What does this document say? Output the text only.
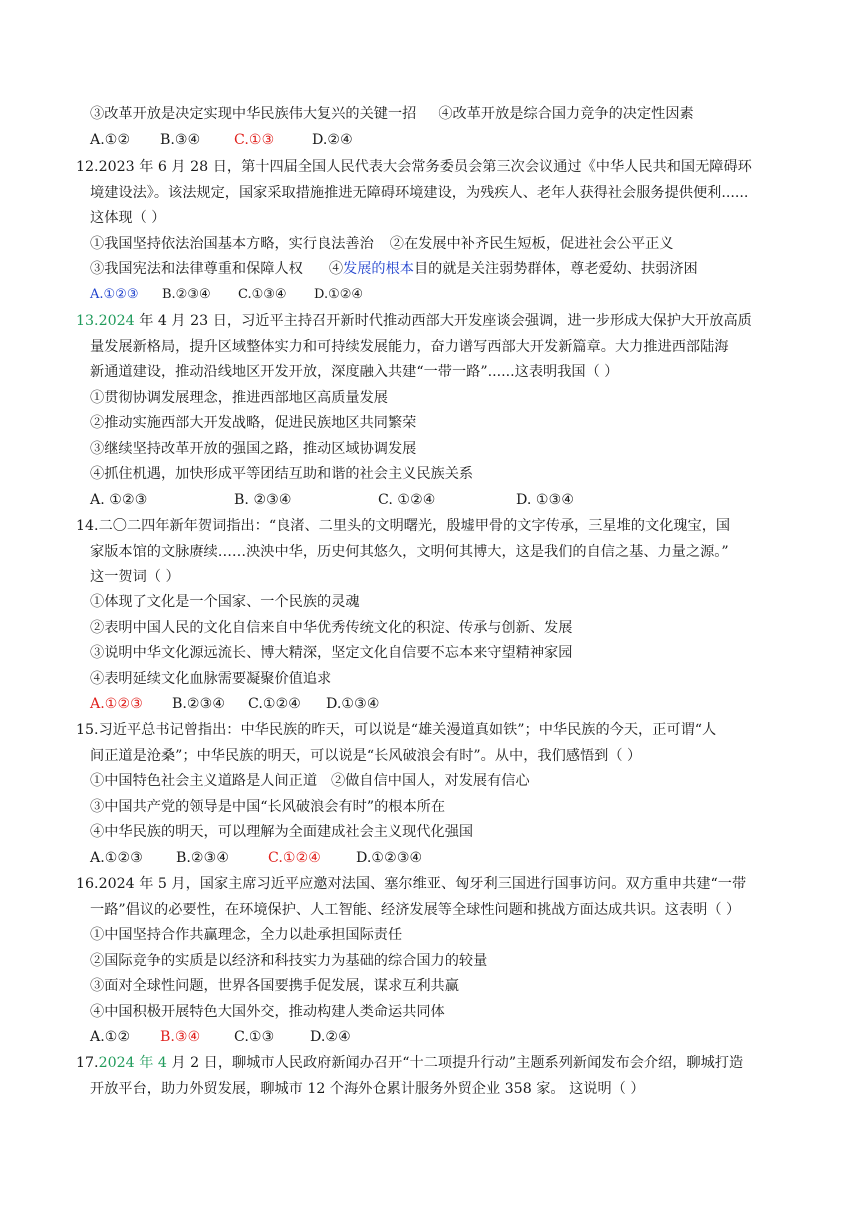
③改革开放是决定实现中华民族伟大复兴的关键一招 ④改革开放是综合国力竞争的决定性因素
A.①② B.③④ C.①③	D.②④
12.2023 年 6 月 28 日，第十四届全国人民代表大会常务委员会第三次会议通过《中华人民共和国无障碍环
境建设法》。该法规定，国家采取措施推进无障碍环境建设，为残疾人、老年人获得社会服务提供便利......
这体现（ ）
①我国坚持依法治国基本方略，实行良法善治 ②在发展中补齐民生短板，促进社会公平正义
③我国宪法和法律尊重和保障人权 ④发展的根本目的就是关注弱势群体，尊老爱幼、扶弱济困
A.①②③ B.②③④ C.①③④ D.①②④
13.2024 年 4 月 23 日，习近平主持召开新时代推动西部大开发座谈会强调，进一步形成大保护大开放高质
量发展新格局，提升区域整体实力和可持续发展能力，奋力谱写西部大开发新篇章。大力推进西部陆海
新通道建设，推动沿线地区开发开放，深度融入共建“一带一路”......这表明我国（ ）
①贯彻协调发展理念，推进西部地区高质量发展
②推动实施西部大开发战略，促进民族地区共同繁荣
③继续坚持改革开放的强国之路，推动区域协调发展
④抓住机遇，加快形成平等团结互助和谐的社会主义民族关系
A. ①②③	B. ②③④	C. ①②④	D. ①③④
14.二〇二四年新年贺词指出：“良渚、二里头的文明曙光，殷墟甲骨的文字传承，三星堆的文化瑰宝，国
家版本馆的文脉赓续……泱泱中华，历史何其悠久，文明何其博大，这是我们的自信之基、力量之源。”
这一贺词（ ）
①体现了文化是一个国家、一个民族的灵魂
②表明中国人民的文化自信来自中华优秀传统文化的积淀、传承与创新、发展
③说明中华文化源远流长、博大精深，坚定文化自信要不忘本来守望精神家园
④表明延续文化血脉需要凝聚价值追求
A.①②③ B.②③④ C.①②④ D.①③④
15.习近平总书记曾指出：中华民族的昨天，可以说是“雄关漫道真如铁”；中华民族的今天，正可谓“人
间正道是沧桑”；中华民族的明天，可以说是“长风破浪会有时”。从中，我们感悟到（ ）
①中国特色社会主义道路是人间正道 ②做自信中国人，对发展有信心
③中国共产党的领导是中国“长风破浪会有时”的根本所在
④中华民族的明天，可以理解为全面建成社会主义现代化强国
A.①②③ B.②③④	C.①②④ D.①②③④
16.2024 年 5 月，国家主席习近平应邀对法国、塞尔维亚、匈牙利三国进行国事访问。双方重申共建“一带
一路”倡议的必要性，在环境保护、人工智能、经济发展等全球性问题和挑战方面达成共识。这表明（ ）
①中国坚持合作共赢理念，全力以赴承担国际责任
②国际竞争的实质是以经济和科技实力为基础的综合国力的较量
③面对全球性问题，世界各国要携手促发展，谋求互利共赢
④中国积极开展特色大国外交，推动构建人类命运共同体
A.①② B.③④ C.①③	D.②④
17.2024 年 4 月 2 日，聊城市人民政府新闻办召开“十二项提升行动”主题系列新闻发布会介绍，聊城打造
开放平台，助力外贸发展，聊城市 12 个海外仓累计服务外贸企业 358 家。 这说明（ ）
